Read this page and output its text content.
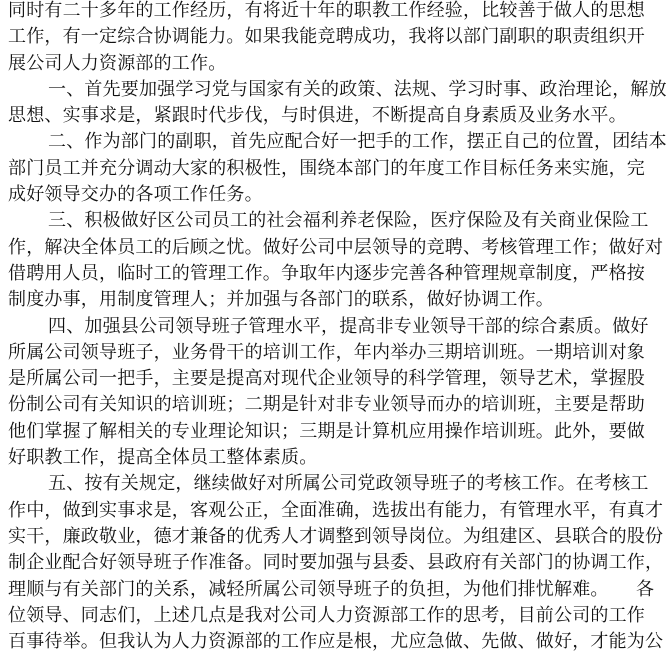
同时有二十多年的工作经历，有将近十年的职教工作经验，比较善于做人的思想
工作，有一定综合协调能力。如果我能竞聘成功，我将以部门副职的职责组织开
展公司人力资源部的工作。
一、首先要加强学习党与国家有关的政策、法规、学习时事、政治理论，解放
思想、实事求是，紧跟时代步伐，与时俱进，不断提高自身素质及业务水平。
二、作为部门的副职，首先应配合好一把手的工作，摆正自己的位置，团结本
部门员工并充分调动大家的积极性，围绕本部门的年度工作目标任务来实施，完
成好领导交办的各项工作任务。
三、积极做好区公司员工的社会福利养老保险，医疗保险及有关商业保险工
作，解决全体员工的后顾之忧。做好公司中层领导的竞聘、考核管理工作；做好对
借聘用人员，临时工的管理工作。争取年内逐步完善各种管理规章制度，严格按
制度办事，用制度管理人；并加强与各部门的联系，做好协调工作。
四、加强县公司领导班子管理水平，提高非专业领导干部的综合素质。做好
所属公司领导班子，业务骨干的培训工作，年内举办三期培训班。一期培训对象
是所属公司一把手，主要是提高对现代企业领导的科学管理，领导艺术，掌握股
份制公司有关知识的培训班；二期是针对非专业领导而办的培训班，主要是帮助
他们掌握了解相关的专业理论知识；三期是计算机应用操作培训班。此外，要做
好职教工作，提高全体员工整体素质。
五、按有关规定，继续做好对所属公司党政领导班子的考核工作。在考核工
作中，做到实事求是，客观公正，全面准确，选拔出有能力，有管理水平，有真才
实干，廉政敬业，德才兼备的优秀人才调整到领导岗位。为组建区、县联合的股份
制企业配合好领导班子作准备。同时要加强与县委、县政府有关部门的协调工作，
理顺与有关部门的关系，减轻所属公司领导班子的负担，为他们排忧解难。　　各
位领导、同志们，上述几点是我对公司人力资源部工作的思考，目前公司的工作
百事待举。但我认为人力资源部的工作应是根，尤应急做、先做、做好，才能为公
